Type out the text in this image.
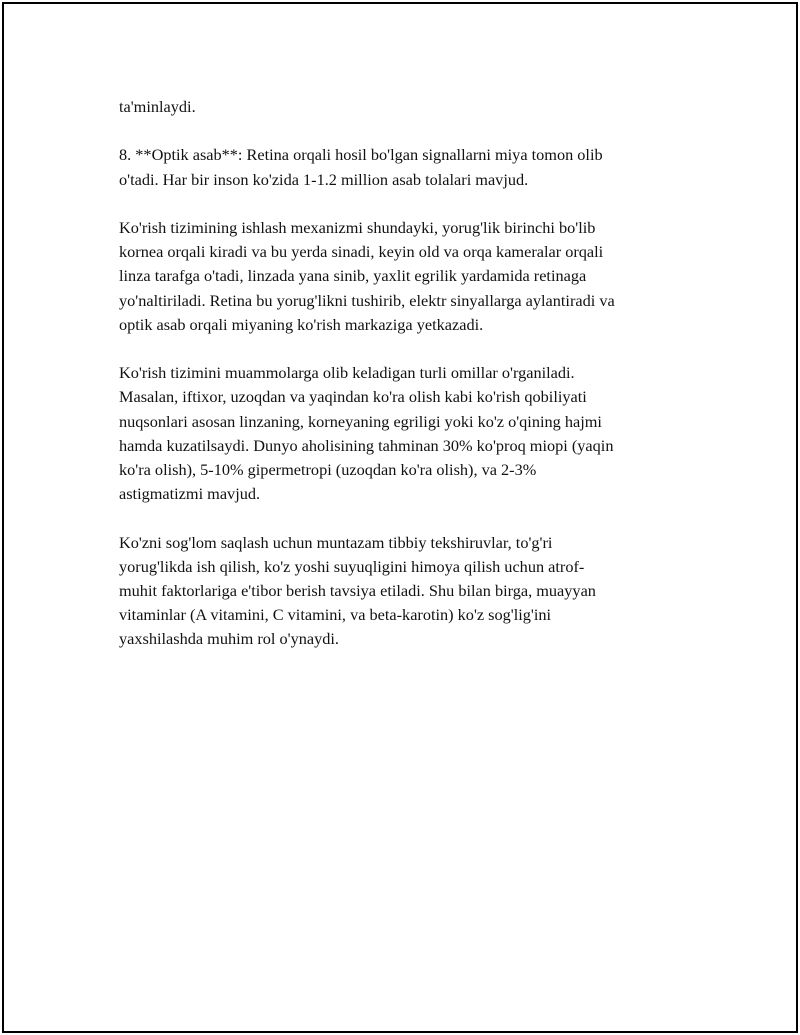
ta'minlaydi.

8. **Optik asab**: Retina orqali hosil bo'lgan signallarni miya tomon olib
o'tadi. Har bir inson ko'zida 1-1.2 million asab tolalari mavjud.

Ko'rish tizimining ishlash mexanizmi shundayki, yorug'lik birinchi bo'lib
kornea orqali kiradi va bu yerda sinadi, keyin old va orqa kameralar orqali
linza tarafga o'tadi, linzada yana sinib, yaxlit egrilik yardamida retinaga
yo'naltiriladi. Retina bu yorug'likni tushirib, elektr sinyallarga aylantiradi va
optik asab orqali miyaning ko'rish markaziga yetkazadi.

Ko'rish tizimini muammolarga olib keladigan turli omillar o'rganiladi.
Masalan, iftixor, uzoqdan va yaqindan ko'ra olish kabi ko'rish qobiliyati
nuqsonlari asosan linzaning, korneyaning egriligi yoki ko'z o'qining hajmi
hamda kuzatilsaydi. Dunyo aholisining tahminan 30% ko'proq miopi (yaqin
ko'ra olish), 5-10% gipermetropi (uzoqdan ko'ra olish), va 2-3%
astigmatizmi mavjud.

Ko'zni sog'lom saqlash uchun muntazam tibbiy tekshiruvlar, to'g'ri
yorug'likda ish qilish, ko'z yoshi suyuqligini himoya qilish uchun atrof-
muhit faktorlariga e'tibor berish tavsiya etiladi. Shu bilan birga, muayyan
vitaminlar (A vitamini, C vitamini, va beta-karotin) ko'z sog'lig'ini
yaxshilashda muhim rol o'ynaydi.
